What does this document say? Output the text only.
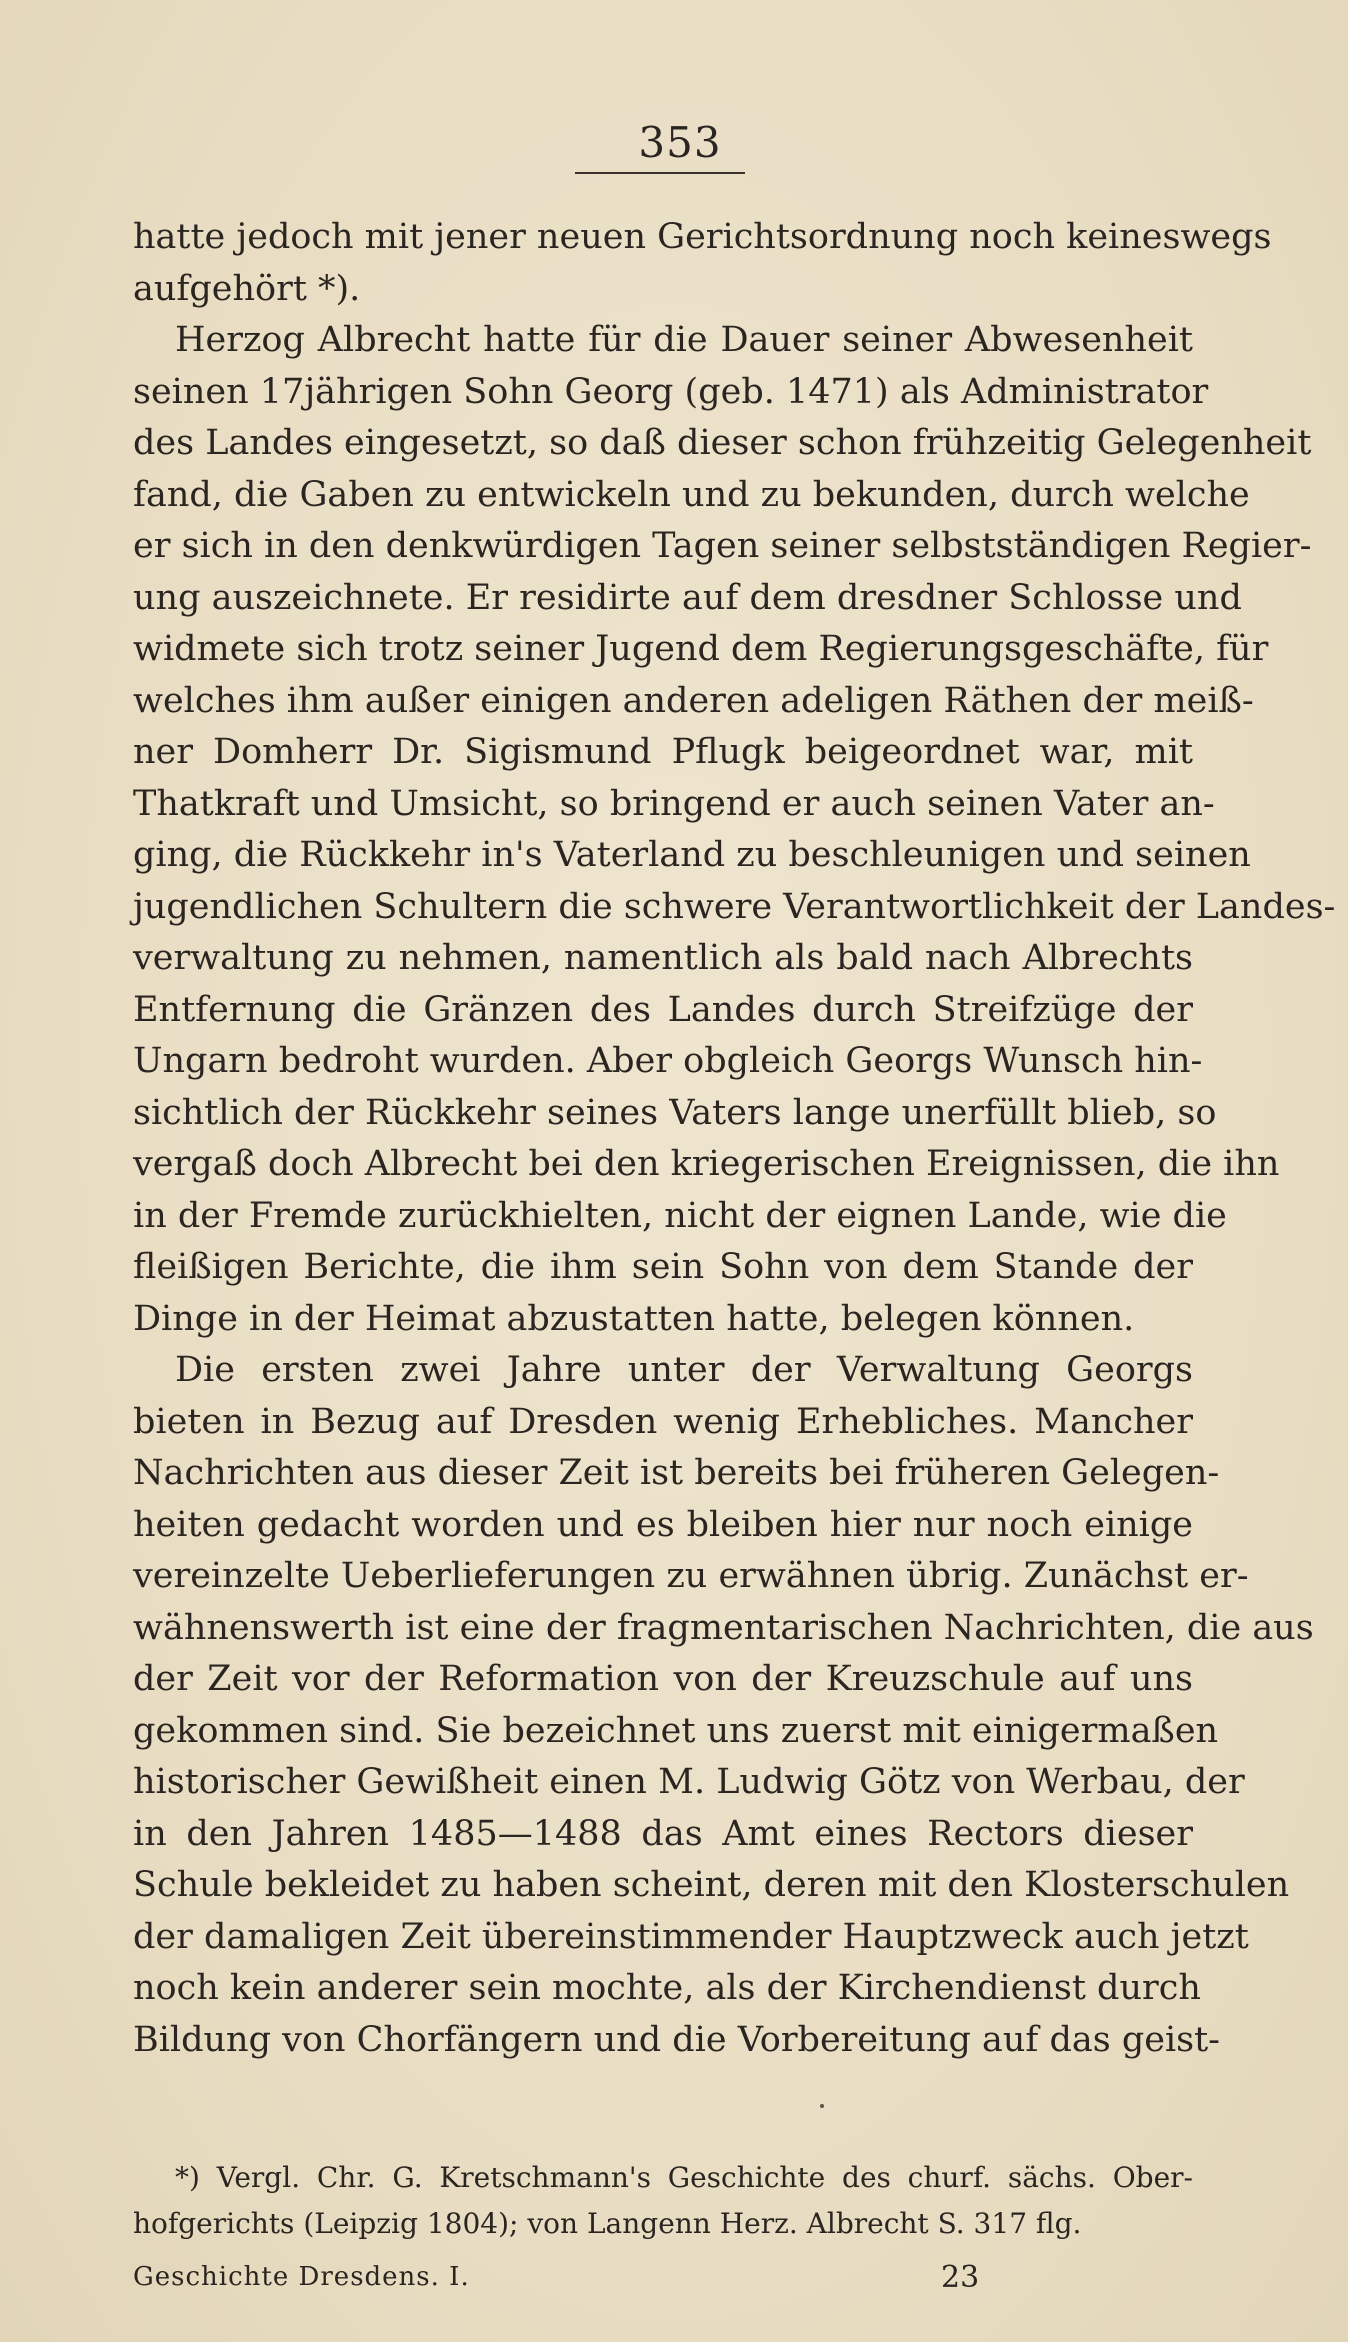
353
hatte jedoch mit jener neuen Gerichtsordnung noch keineswegs
aufgehört *).
Herzog Albrecht hatte für die Dauer seiner Abwesenheit
seinen 17jährigen Sohn Georg (geb. 1471) als Administrator
des Landes eingesetzt, so daß dieser schon frühzeitig Gelegenheit
fand, die Gaben zu entwickeln und zu bekunden, durch welche
er sich in den denkwürdigen Tagen seiner selbstständigen Regier-
ung auszeichnete. Er residirte auf dem dresdner Schlosse und
widmete sich trotz seiner Jugend dem Regierungsgeschäfte, für
welches ihm außer einigen anderen adeligen Räthen der meiß-
ner Domherr Dr. Sigismund Pflugk beigeordnet war, mit
Thatkraft und Umsicht, so bringend er auch seinen Vater an-
ging, die Rückkehr in's Vaterland zu beschleunigen und seinen
jugendlichen Schultern die schwere Verantwortlichkeit der Landes-
verwaltung zu nehmen, namentlich als bald nach Albrechts
Entfernung die Gränzen des Landes durch Streifzüge der
Ungarn bedroht wurden. Aber obgleich Georgs Wunsch hin-
sichtlich der Rückkehr seines Vaters lange unerfüllt blieb, so
vergaß doch Albrecht bei den kriegerischen Ereignissen, die ihn
in der Fremde zurückhielten, nicht der eignen Lande, wie die
fleißigen Berichte, die ihm sein Sohn von dem Stande der
Dinge in der Heimat abzustatten hatte, belegen können.
Die ersten zwei Jahre unter der Verwaltung Georgs
bieten in Bezug auf Dresden wenig Erhebliches. Mancher
Nachrichten aus dieser Zeit ist bereits bei früheren Gelegen-
heiten gedacht worden und es bleiben hier nur noch einige
vereinzelte Ueberlieferungen zu erwähnen übrig. Zunächst er-
wähnenswerth ist eine der fragmentarischen Nachrichten, die aus
der Zeit vor der Reformation von der Kreuzschule auf uns
gekommen sind. Sie bezeichnet uns zuerst mit einigermaßen
historischer Gewißheit einen M. Ludwig Götz von Werbau, der
in den Jahren 1485—1488 das Amt eines Rectors dieser
Schule bekleidet zu haben scheint, deren mit den Klosterschulen
der damaligen Zeit übereinstimmender Hauptzweck auch jetzt
noch kein anderer sein mochte, als der Kirchendienst durch
Bildung von Chorfängern und die Vorbereitung auf das geist-
*) Vergl. Chr. G. Kretschmann's Geschichte des churf. sächs. Ober-
hofgerichts (Leipzig 1804); von Langenn Herz. Albrecht S. 317 flg.
Geschichte Dresdens. I.	23
